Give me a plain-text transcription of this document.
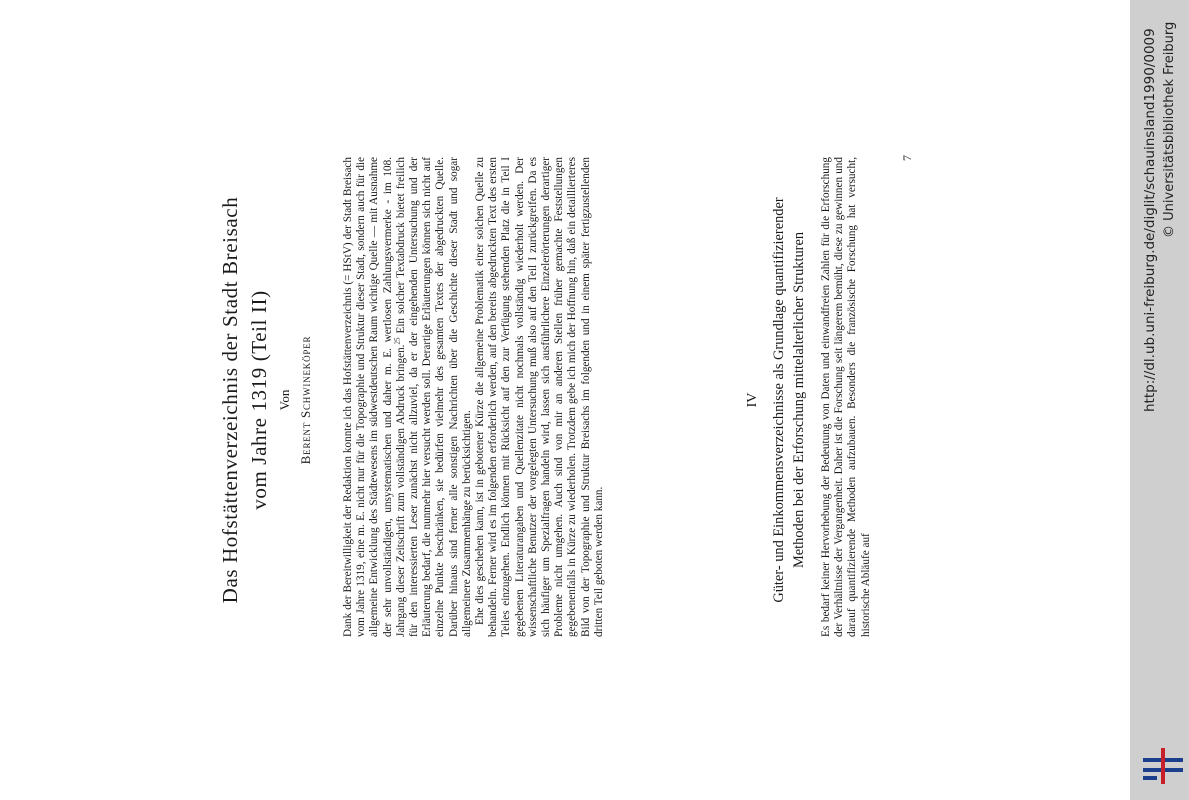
Das Hofstättenverzeichnis der Stadt Breisach vom Jahre 1319 (Teil II) Von
Berent Schwineköper	Dank der Bereitwilligkeit der Redaktion konnte ich das Hofstättenverzeichnis (= HStV) der Stadt Breisach vom Jahre 1319, eine m. E. nicht nur für die Topographie und Struktur dieser Stadt, sondern auch für die allgemeine Entwicklung des Städtewesens im südwestdeutschen Raum wichtige Quelle — mit Ausnahme der sehr unvollständigen, unsystematischen und daher m. E. wertlosen Zahlungsvermerke - im 108. Jahrgang dieser Zeitschrift zum vollständigen Abdruck bringen.$^{25}$ Ein solcher Textabdruck bietet freilich für den interessierten Leser zunächst nicht allzuviel, da er der eingehenden Untersuchung und der Erläuterung bedarf, die nunmehr hier versucht werden soll. Derartige Erläuterungen können sich nicht auf einzelne Punkte beschränken, sie bedürfen vielmehr des gesamten Textes der abgedruckten Quelle. Darüber hinaus sind ferner alle sonstigen Nachrichten über die Geschichte dieser Stadt und sogar allgemeinere Zusammenhänge zu berücksichtigen. Ehe dies geschehen kann, ist in gebotener Kürze die allgemeine Problematik einer solchen Quelle zu behandeln. Ferner wird es im folgenden erforderlich werden, auf den bereits abgedruckten Text des ersten Teiles einzugehen. Endlich können mit Rücksicht auf den zur Verfügung stehenden Platz die in Teil I gegebenen Literaturangaben und Quellenzitate nicht nochmals vollständig wiederholt werden. Der wissenschaftliche Benutzer der vorgelegten Untersuchung muß also auf den Teil I zurückgreifen. Da es sich häufiger um Spezialfragen handeln wird, lassen sich ausführlichere Einzelerörterungen derartiger Probleme nicht umgehen. Auch sind von mir an anderen Stellen früher gemachte Feststellungen gegebenenfalls in Kürze zu wiederholen. Trotzdem gebe ich mich der Hoffnung hin, daß ein detaillierteres Bild von der Topographie und Struktur Breisachs im folgenden und in einem später fertigzustellenden dritten Teil geboten werden kann.

IV Güter- und Einkommensverzeichnisse als Grundlage quantifizierender Methoden bei der Erforschung mittelalterlicher Strukturen Es bedarf keiner Hervorhebung der Bedeutung von Daten und einwandfreien Zahlen für die Erforschung der Verhältnisse der Vergangenheit. Daher ist die Forschung seit längerem bemüht, diese zu gewinnen und darauf quantifizierende Methoden aufzubauen. Besonders die französische Forschung hat versucht, historische Abläufe auf

7	http://dl.ub.uni-freiburg.de/diglit/schauinsland1990/0009 © Universitätsbibliothek Freiburg
